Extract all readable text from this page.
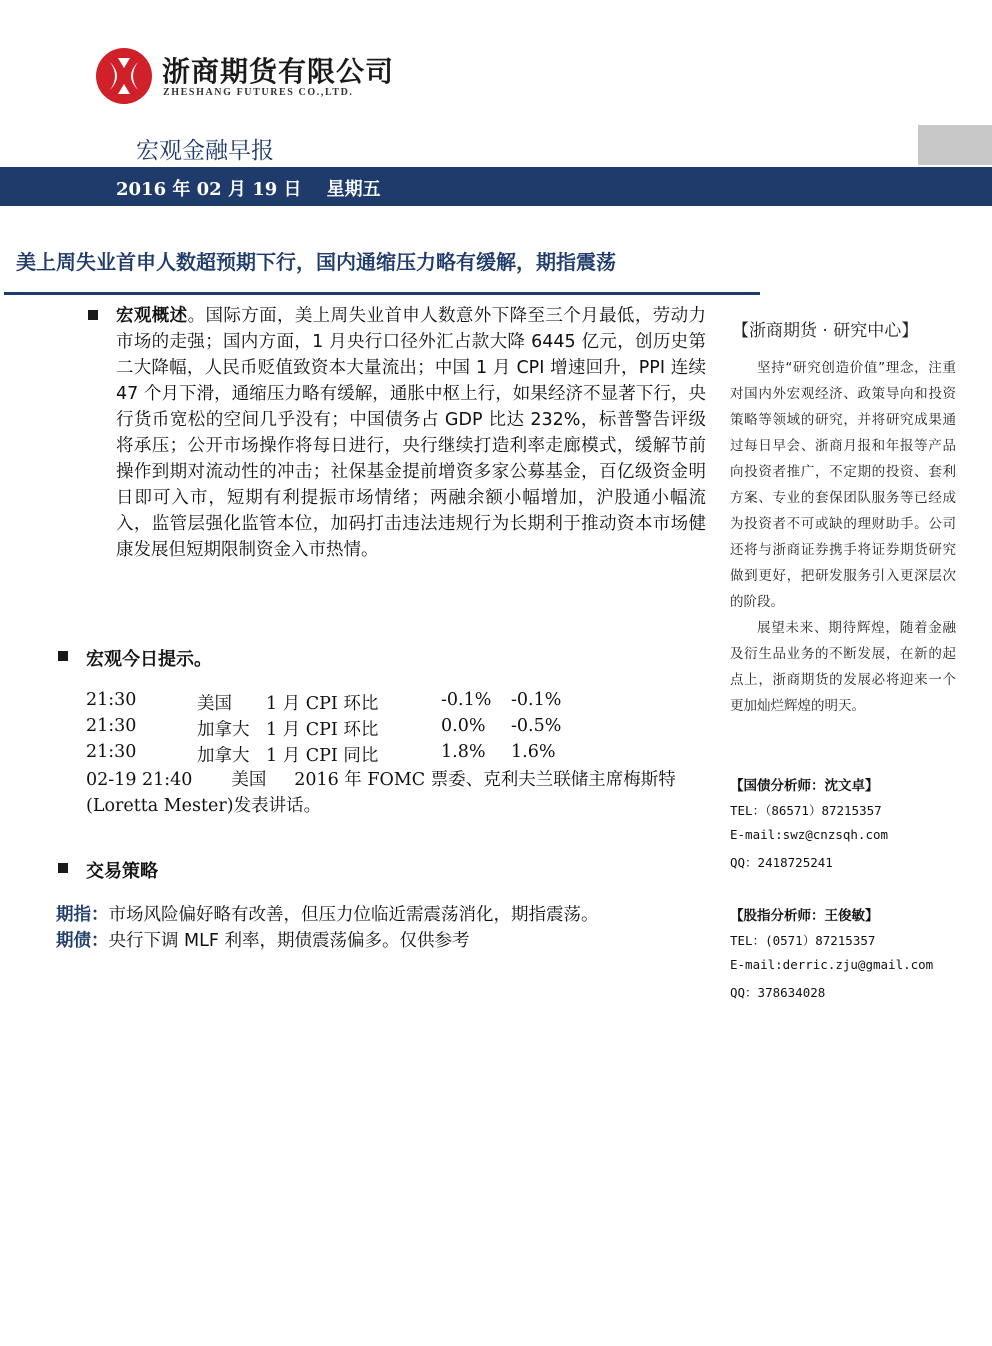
浙商期货有限公司
ZHESHANG FUTURES CO.,LTD.
宏观金融早报
2016 年 02 月 19 日    星期五
美上周失业首申人数超预期下行，国内通缩压力略有缓解，期指震荡
宏观概述。国际方面，美上周失业首申人数意外下降至三个月最低，劳动力市场的走强；国内方面，1 月央行口径外汇占款大降 6445 亿元，创历史第二大降幅，人民币贬值致资本大量流出；中国 1 月 CPI 增速回升，PPI 连续 47 个月下滑，通缩压力略有缓解，通胀中枢上行，如果经济不显著下行，央行货币宽松的空间几乎没有；中国债务占 GDP 比达 232%，标普警告评级将承压；公开市场操作将每日进行，央行继续打造利率走廊模式，缓解节前操作到期对流动性的冲击；社保基金提前增资多家公募基金，百亿级资金明日即可入市，短期有利提振市场情绪；两融余额小幅增加，沪股通小幅流入，监管层强化监管本位，加码打击违法违规行为长期利于推动资本市场健康发展但短期限制资金入市热情。
宏观今日提示。
21:30	美国 1 月 CPI 环比	-0.1% -0.1%
21:30	加拿大 1 月 CPI 环比	0.0% -0.5%
21:30	加拿大 1 月 CPI 同比	1.8% 1.6%
02-19 21:40       美国     2016 年 FOMC 票委、克利夫兰联储主席梅斯特(Loretta Mester)发表讲话。
交易策略
期指：市场风险偏好略有改善，但压力位临近需震荡消化，期指震荡。
期债：央行下调 MLF 利率，期债震荡偏多。仅供参考
【浙商期货 · 研究中心】

坚持“研究创造价值”理念，注重对国内外宏观经济、政策导向和投资策略等领域的研究，并将研究成果通过每日早会、浙商月报和年报等产品向投资者推广，不定期的投资、套利方案、专业的套保团队服务等已经成为投资者不可或缺的理财助手。公司还将与浙商证券携手将证券期货研究做到更好，把研发服务引入更深层次的阶段。

展望未来、期待辉煌，随着金融及衍生品业务的不断发展，在新的起点上，浙商期货的发展必将迎来一个更加灿烂辉煌的明天。

【国债分析师：沈文卓】
TEL：（86571）87215357
E-mail:swz@cnzsqh.com
QQ：2418725241
【股指分析师：王俊敏】
TEL：(0571）87215357
E-mail:derric.zju@gmail.com
QQ：378634028
